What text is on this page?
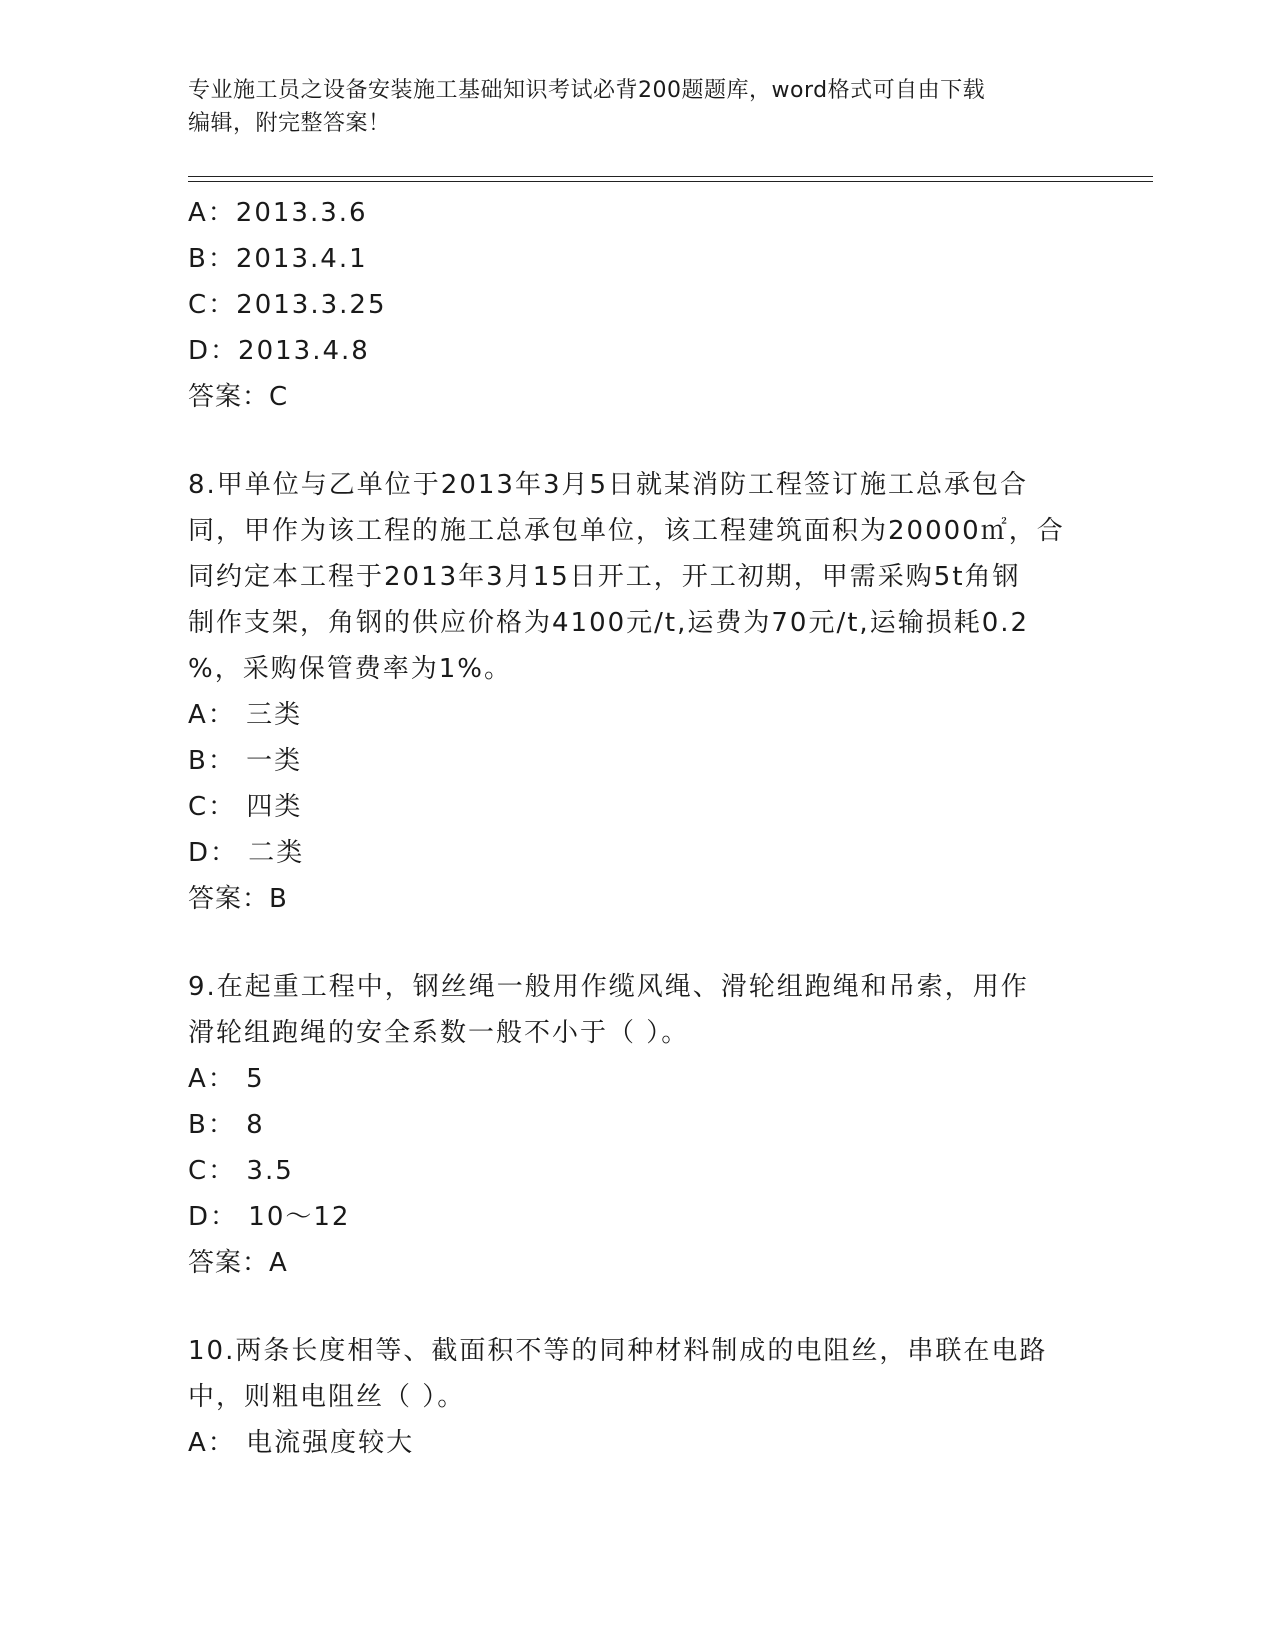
专业施工员之设备安装施工基础知识考试必背200题题库，word格式可自由下载
编辑，附完整答案！
A：2013.3.6
B：2013.4.1
C：2013.3.25
D：2013.4.8
答案：C
8.甲单位与乙单位于2013年3月5日就某消防工程签订施工总承包合
同，甲作为该工程的施工总承包单位，该工程建筑面积为20000㎡，合
同约定本工程于2013年3月15日开工，开工初期，甲需采购5t角钢
制作支架，角钢的供应价格为4100元/t,运费为70元/t,运输损耗0.2
%，采购保管费率为1%。
A： 三类
B： 一类
C： 四类
D： 二类
答案：B
9.在起重工程中，钢丝绳一般用作缆风绳、滑轮组跑绳和吊索，用作
滑轮组跑绳的安全系数一般不小于（ ）。
A： 5
B： 8
C： 3.5
D： 10～12
答案：A
10.两条长度相等、截面积不等的同种材料制成的电阻丝，串联在电路
中，则粗电阻丝（ ）。
A： 电流强度较大
